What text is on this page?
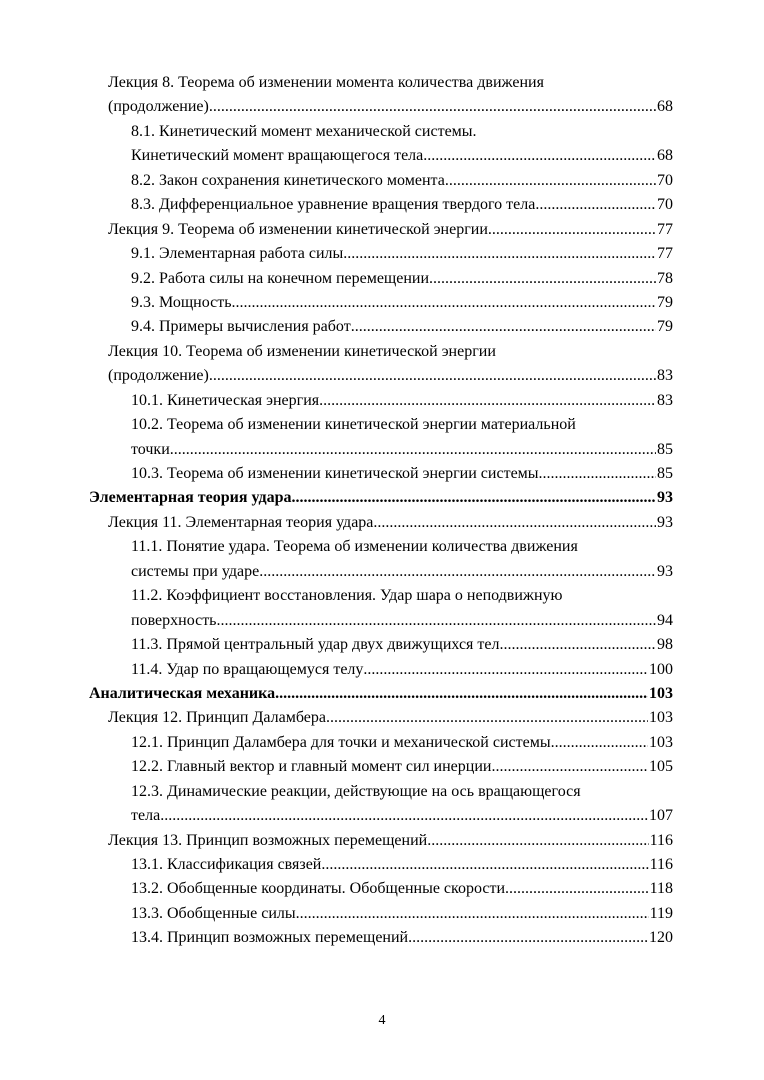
Лекция 8. Теорема об изменении момента количества движения
(продолжение) .....	68
8.1. Кинетический момент механической системы.
Кинетический момент вращающегося тела .....	68
8.2. Закон сохранения кинетического момента .....	70
8.3. Дифференциальное уравнение вращения твердого тела .....	70
Лекция 9. Теорема об изменении кинетической энергии .....	77
9.1. Элементарная работа силы .....	77
9.2. Работа силы на конечном перемещении .....	78
9.3. Мощность .....	79
9.4. Примеры вычисления работ .....	79
Лекция 10. Теорема об изменении кинетической энергии
(продолжение) .....	83
10.1. Кинетическая энергия .....	83
10.2. Теорема об изменении кинетической энергии материальной
точки .....	85
10.3. Теорема об изменении кинетической энергии системы .....	85
Элементарная теория удара .....	93
Лекция 11. Элементарная теория удара .....	93
11.1. Понятие удара. Теорема об изменении количества движения
системы при ударе .....	93
11.2. Коэффициент восстановления. Удар шара о неподвижную
поверхность .....	94
11.3. Прямой центральный удар двух движущихся тел .....	98
11.4. Удар по вращающемуся телу .....	100
Аналитическая механика .....	103
Лекция 12. Принцип Даламбера .....	103
12.1. Принцип Даламбера для точки и механической системы .....	103
12.2. Главный вектор и главный момент сил инерции .....	105
12.3. Динамические реакции, действующие на ось вращающегося
тела .....	107
Лекция 13. Принцип возможных перемещений .....	116
13.1. Классификация связей .....	116
13.2. Обобщенные координаты. Обобщенные скорости .....	118
13.3. Обобщенные силы .....	119
13.4. Принцип возможных перемещений .....	120
4
